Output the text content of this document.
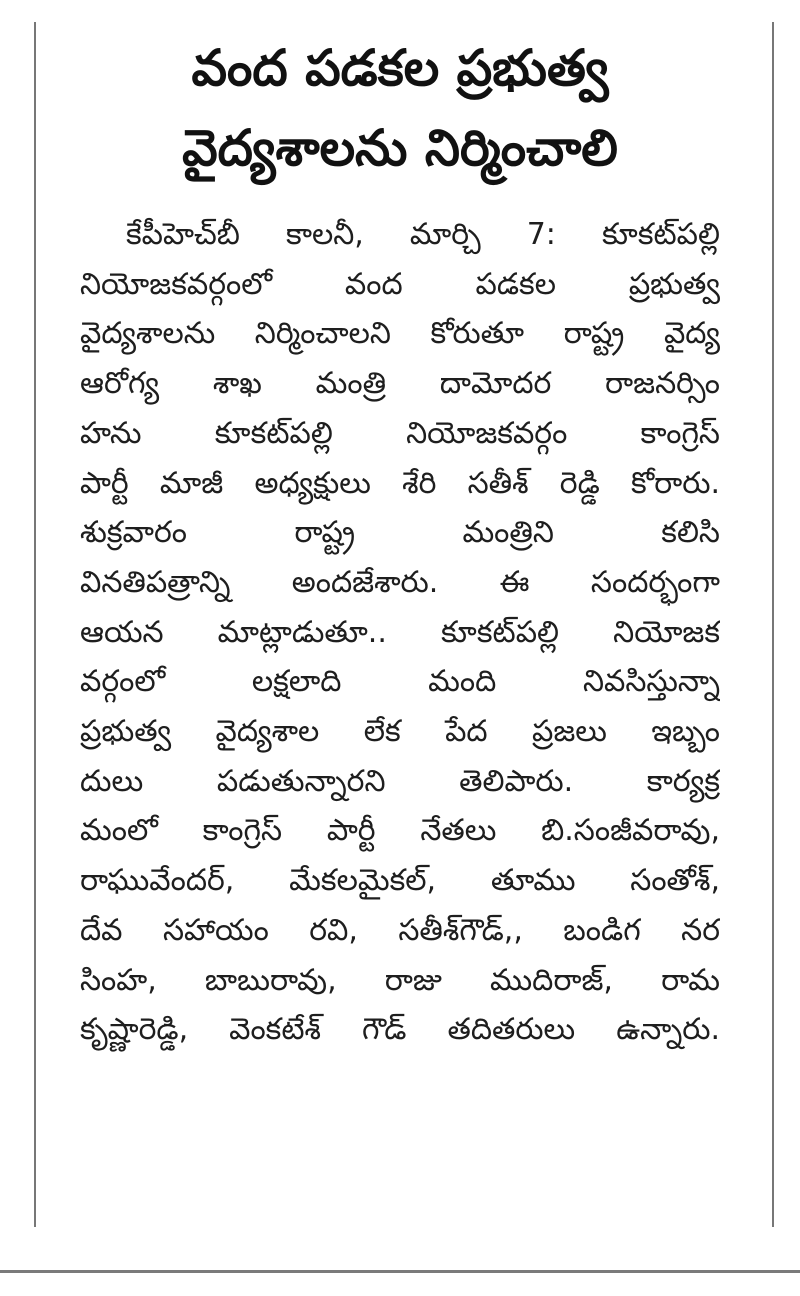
వంద పడకల ప్రభుత్వ
వైద్యశాలను నిర్మించాలి
కేపీహెచ్‌బీ కాలనీ, మార్చి 7: కూకట్‌పల్లి
నియోజకవర్గంలో వంద పడకల ప్రభుత్వ
వైద్యశాలను నిర్మించాలని కోరుతూ రాష్ట్ర వైద్య
ఆరోగ్య శాఖ మంత్రి దామోదర రాజనర్సిం
హను కూకట్‌పల్లి నియోజకవర్గం కాంగ్రెస్
పార్టీ మాజీ అధ్యక్షులు శేరి సతీశ్ రెడ్డి కోరారు.
శుక్రవారం రాష్ట్ర మంత్రిని కలిసి
వినతిపత్రాన్ని అందజేశారు. ఈ సందర్భంగా
ఆయన మాట్లాడుతూ.. కూకట్‌పల్లి నియోజక
వర్గంలో లక్షలాది మంది నివసిస్తున్నా
ప్రభుత్వ వైద్యశాల లేక పేద ప్రజలు ఇబ్బం
దులు పడుతున్నారని తెలిపారు. కార్యక్ర
మంలో కాంగ్రెస్ పార్టీ నేతలు బి.సంజీవరావు,
రాఘువేందర్, మేకలమైకల్, తూము సంతోశ్,
దేవ సహాయం రవి, సతీశ్‌గౌడ్,, బండిగ నర
సింహ, బాబురావు, రాజు ముదిరాజ్, రామ
కృష్ణారెడ్డి, వెంకటేశ్ గౌడ్ తదితరులు ఉన్నారు.
